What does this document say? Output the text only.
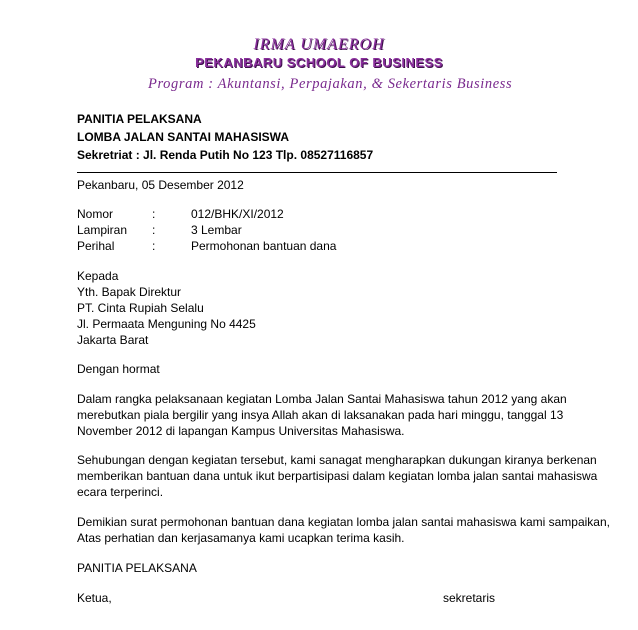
IRMA UMAEROH
PEKANBARU SCHOOL OF BUSINESS
Program : Akuntansi, Perpajakan, & Sekertaris Business
PANITIA PELAKSANA
LOMBA JALAN SANTAI MAHASISWA
Sekretriat : Jl. Renda Putih No 123 Tlp. 08527116857
Pekanbaru, 05 Desember 2012
Nomor	:	012/BHK/XI/2012
Lampiran :	3 Lembar
Perihal	:	Permohonan bantuan dana
Kepada
Yth. Bapak Direktur
PT. Cinta Rupiah Selalu
Jl. Permaata Menguning No 4425
Jakarta Barat
Dengan hormat
Dalam rangka pelaksanaan kegiatan Lomba Jalan Santai Mahasiswa tahun 2012 yang akan
merebutkan piala bergilir yang insya Allah akan di laksanakan pada hari minggu, tanggal 13
November 2012 di lapangan Kampus Universitas Mahasiswa.
Sehubungan dengan kegiatan tersebut, kami sanagat mengharapkan dukungan kiranya berkenan
memberikan bantuan dana untuk ikut berpartisipasi dalam kegiatan lomba jalan santai mahasiswa
ecara terperinci.
Demikian surat permohonan bantuan dana kegiatan lomba jalan santai mahasiswa kami sampaikan,
Atas perhatian dan kerjasamanya kami ucapkan terima kasih.
PANITIA PELAKSANA
Ketua,	sekretaris
